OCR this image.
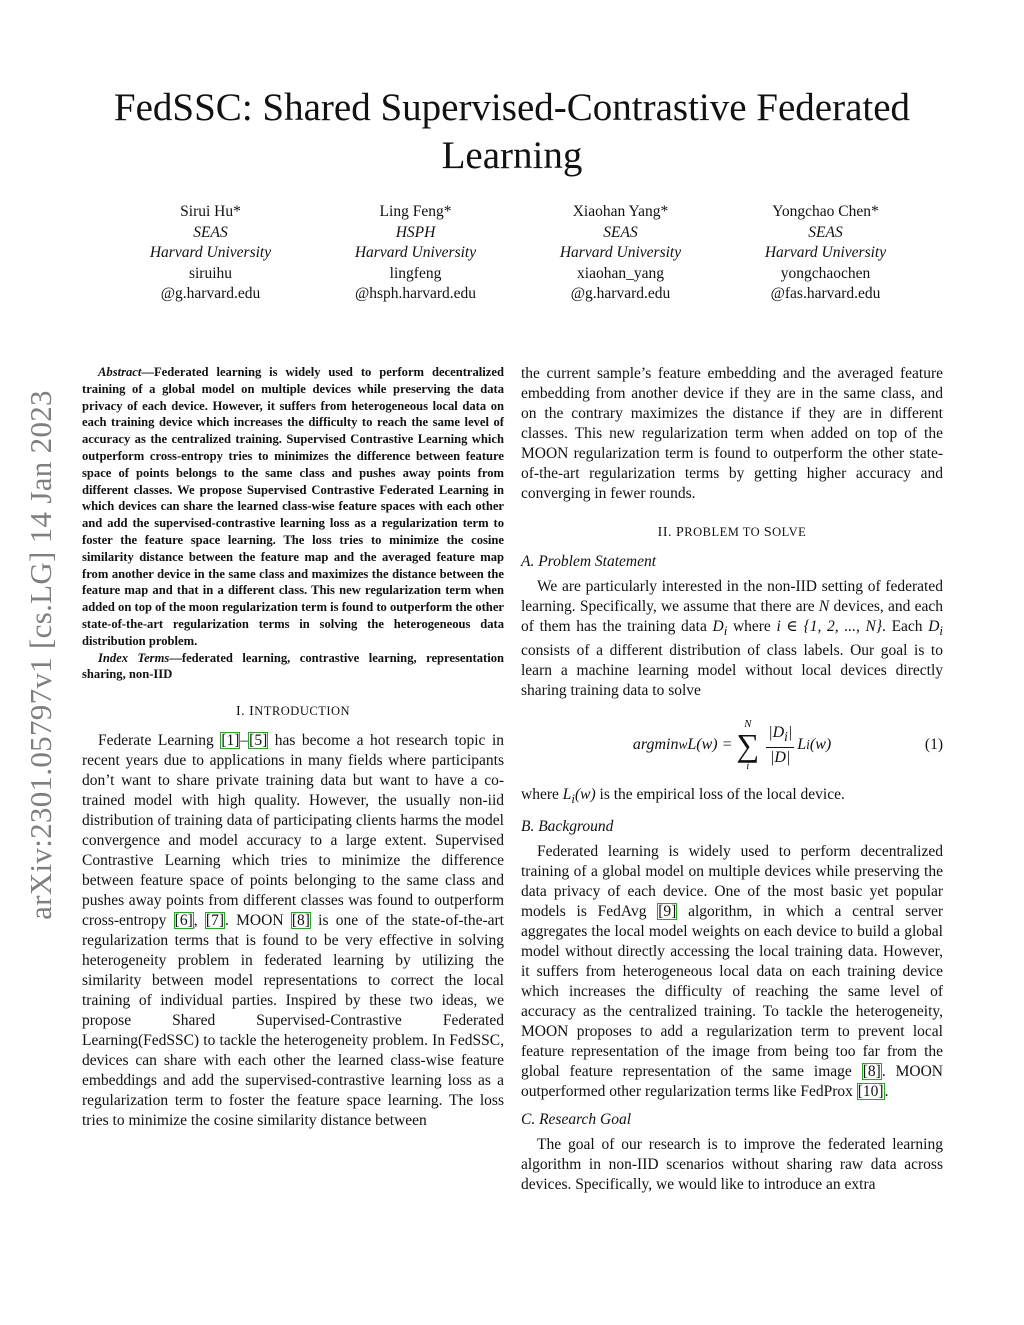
arXiv:2301.05797v1 [cs.LG] 14 Jan 2023
FedSSC: Shared Supervised-Contrastive Federated Learning
Sirui Hu*
SEAS
Harvard University
siruihu
@g.harvard.edu
Ling Feng*
HSPH
Harvard University
lingfeng
@hsph.harvard.edu
Xiaohan Yang*
SEAS
Harvard University
xiaohan_yang
@g.harvard.edu
Yongchao Chen*
SEAS
Harvard University
yongchaochen
@fas.harvard.edu

Abstract—Federated learning is widely used to perform decentralized training of a global model on multiple devices while preserving the data privacy of each device. However, it suffers from heterogeneous local data on each training device which increases the difficulty to reach the same level of accuracy as the centralized training. Supervised Contrastive Learning which outperform cross-entropy tries to minimizes the difference between feature space of points belongs to the same class and pushes away points from different classes. We propose Supervised Contrastive Federated Learning in which devices can share the learned class-wise feature spaces with each other and add the supervised-contrastive learning loss as a regularization term to foster the feature space learning. The loss tries to minimize the cosine similarity distance between the feature map and the averaged feature map from another device in the same class and maximizes the distance between the feature map and that in a different class. This new regularization term when added on top of the moon regularization term is found to outperform the other state-of-the-art regularization terms in solving the heterogeneous data distribution problem.

Index Terms—federated learning, contrastive learning, representation sharing, non-IID

I. INTRODUCTION

Federate Learning [1]–[5] has become a hot research topic in recent years due to applications in many fields where participants don’t want to share private training data but want to have a co-trained model with high quality. However, the usually non-iid distribution of training data of participating clients harms the model convergence and model accuracy to a large extent. Supervised Contrastive Learning which tries to minimize the difference between feature space of points belonging to the same class and pushes away points from different classes was found to outperform cross-entropy [6], [7]. MOON [8] is one of the state-of-the-art regularization terms that is found to be very effective in solving heterogeneity problem in federated learning by utilizing the similarity between model representations to correct the local training of individual parties. Inspired by these two ideas, we propose Shared Supervised-Contrastive Federated Learning(FedSSC) to tackle the heterogeneity problem. In FedSSC, devices can share with each other the learned class-wise feature embeddings and add the supervised-contrastive learning loss as a regularization term to foster the feature space learning. The loss tries to minimize the cosine similarity distance between

the current sample’s feature embedding and the averaged feature embedding from another device if they are in the same class, and on the contrary maximizes the distance if they are in different classes. This new regularization term when added on top of the MOON regularization term is found to outperform the other state-of-the-art regularization terms by getting higher accuracy and converging in fewer rounds.

II. PROBLEM TO SOLVE
A. Problem Statement

We are particularly interested in the non-IID setting of federated learning. Specifically, we assume that there are N devices, and each of them has the training data $D_i$ where i ∈ {1, 2, ..., N}. Each $D_i$ consists of a different distribution of class labels. Our goal is to learn a machine learning model without local devices directly sharing training data to solve

argmin w L(w) =
N
∑
i $\frac{|D_i|}{|D|}$ L i (w)	(1)

where $L_i(w)$ is the empirical loss of the local device.

B. Background

Federated learning is widely used to perform decentralized training of a global model on multiple devices while preserving the data privacy of each device. One of the most basic yet popular models is FedAvg [9] algorithm, in which a central server aggregates the local model weights on each device to build a global model without directly accessing the local training data. However, it suffers from heterogeneous local data on each training device which increases the difficulty of reaching the same level of accuracy as the centralized training. To tackle the heterogeneity, MOON proposes to add a regularization term to prevent local feature representation of the image from being too far from the global feature representation of the same image [8]. MOON outperformed other regularization terms like FedProx [10].

C. Research Goal

The goal of our research is to improve the federated learning algorithm in non-IID scenarios without sharing raw data across devices. Specifically, we would like to introduce an extra
